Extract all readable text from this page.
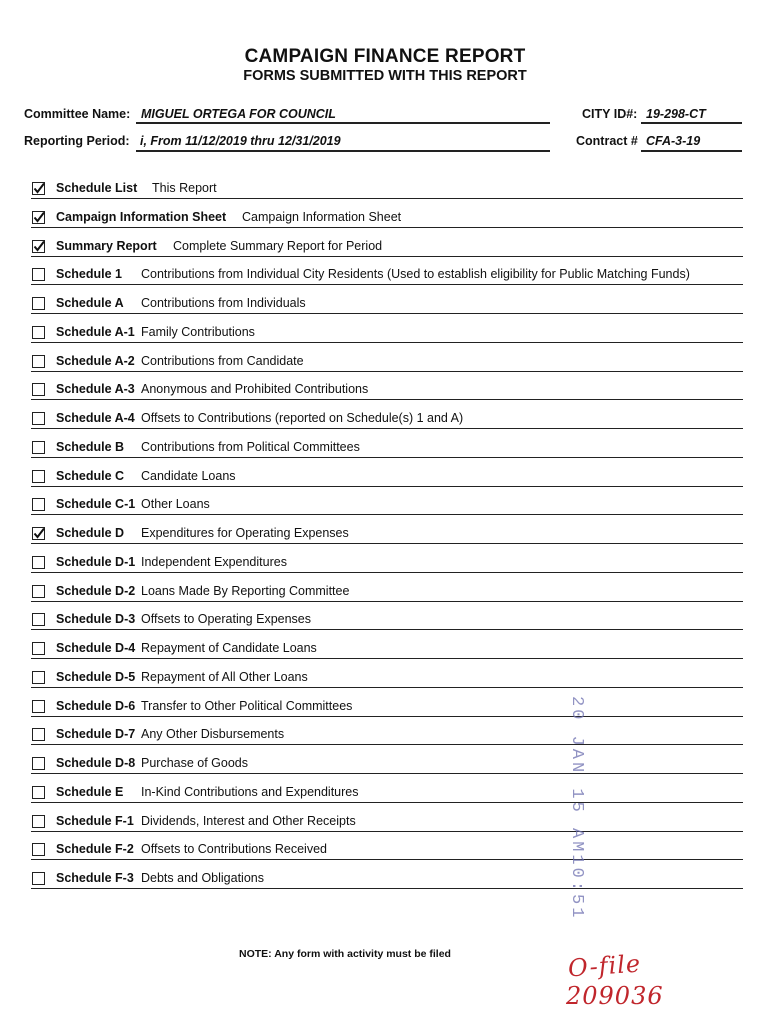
CAMPAIGN FINANCE REPORT
FORMS SUBMITTED WITH THIS REPORT
Committee Name: MIGUEL ORTEGA FOR COUNCIL	CITY ID#: 19-298-CT
Reporting Period: i, From 11/12/2019 thru 12/31/2019	Contract # CFA-3-19
Schedule List This Report
Campaign Information Sheet Campaign Information Sheet
Summary Report Complete Summary Report for Period
Schedule 1 Contributions from Individual City Residents (Used to establish eligibility for Public Matching Funds)
Schedule A Contributions from Individuals
Schedule A-1 Family Contributions
Schedule A-2 Contributions from Candidate
Schedule A-3 Anonymous and Prohibited Contributions
Schedule A-4 Offsets to Contributions (reported on Schedule(s) 1 and A)
Schedule B Contributions from Political Committees
Schedule C Candidate Loans
Schedule C-1 Other Loans
Schedule D Expenditures for Operating Expenses
Schedule D-1 Independent Expenditures
Schedule D-2 Loans Made By Reporting Committee
Schedule D-3 Offsets to Operating Expenses
Schedule D-4 Repayment of Candidate Loans
Schedule D-5 Repayment of All Other Loans
Schedule D-6 Transfer to Other Political Committees
Schedule D-7 Any Other Disbursements
Schedule D-8 Purchase of Goods
Schedule E In-Kind Contributions and Expenditures
Schedule F-1 Dividends, Interest and Other Receipts
Schedule F-2 Offsets to Contributions Received
Schedule F-3 Debts and Obligations
NOTE: Any form with activity must be filed
20 JAN 15 AM10:51
O-file
209036
